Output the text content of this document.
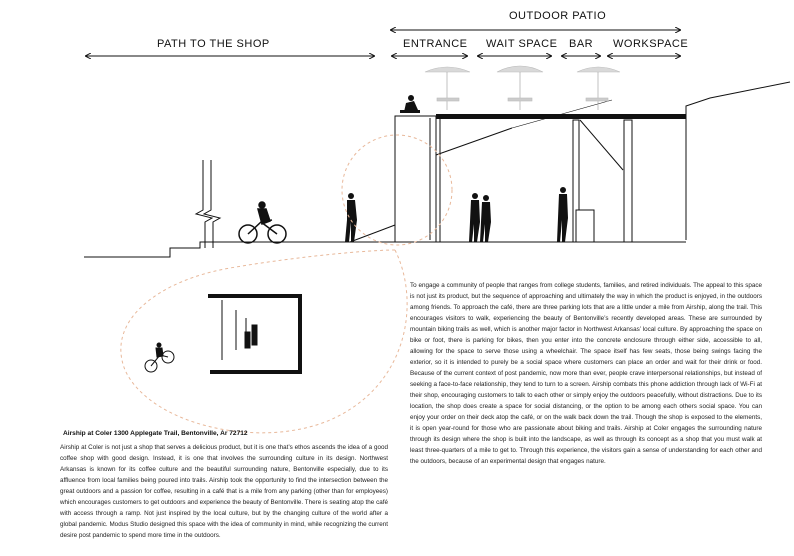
PATH TO THE SHOP
OUTDOOR PATIO
ENTRANCE WAIT SPACE BAR WORKSPACE
Airship at Coler 1300 Applegate Trail, Bentonville, Ar 72712
Airship at Coler is not just a shop that serves a delicious product, but it is one that’s ethos ascends the idea of a good coffee shop with good design. Instead, it is one that involves the surrounding culture in its design. Northwest Arkansas is known for its coffee culture and the beautiful surrounding nature, Bentonville especially, due to its affluence from local families being poured into trails. Airship took the opportunity to find the intersection between the great outdoors and a passion for coffee, resulting in a café that is a mile from any parking (other than for employees) which encourages customers to get outdoors and experience the beauty of Bentonville. There is seating atop the café with access through a ramp. Not just inspired by the local culture, but by the changing culture of the world after a global pandemic. Modus Studio designed this space with the idea of community in mind, while recognizing the current desire post pandemic to spend more time in the outdoors.
To engage a community of people that ranges from college students, families, and retired individuals. The appeal to this space is not just its product, but the sequence of approaching and ultimately the way in which the product is enjoyed, in the outdoors among friends. To approach the café, there are three parking lots that are a little under a mile from Airship, along the trail. This encourages visitors to walk, experiencing the beauty of Bentonville’s recently developed areas. These are surrounded by mountain biking trails as well, which is another major factor in Northwest Arkansas’ local culture. By approaching the space on bike or foot, there is parking for bikes, then you enter into the concrete enclosure through either side, accessible to all, allowing for the space to serve those using a wheelchair. The space itself has few seats, those being swings facing the exterior, so it is intended to purely be a social space where customers can place an order and wait for their drink or food. Because of the current context of post pandemic, now more than ever, people crave interpersonal relationships, but instead of seeking a face-to-face relationship, they tend to turn to a screen. Airship combats this phone addiction through lack of Wi-Fi at their shop, encouraging customers to talk to each other or simply enjoy the outdoors peacefully, without distractions. Due to its location, the shop does create a space for social distancing, or the option to be among each others social space. You can enjoy your order on their deck atop the café, or on the walk back down the trail. Though the shop is exposed to the elements, it is open year-round for those who are passionate about biking and trails. Airship at Coler engages the surrounding nature through its design where the shop is built into the landscape, as well as through its concept as a shop that you must walk at least three-quarters of a mile to get to. Through this experience, the visitors gain a sense of understanding for each other and the outdoors, because of an experimental design that engages nature.
